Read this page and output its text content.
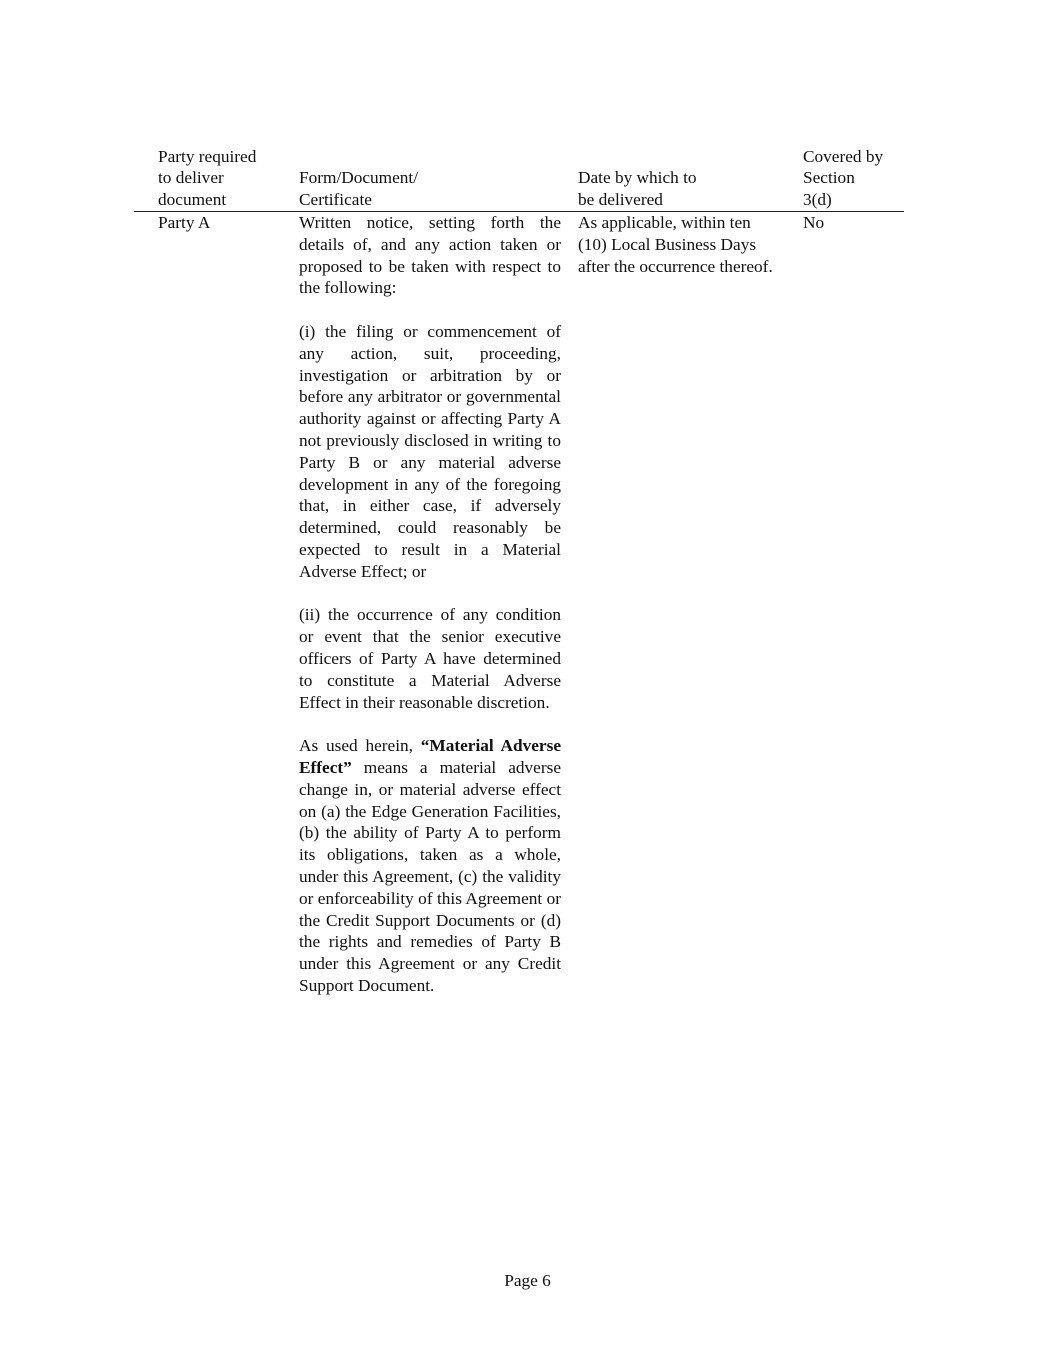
Party required
to deliver
document
Form/Document/
Certificate
Date by which to
be delivered
Covered by
Section
3(d)
Party A	Written notice, setting forth the details of, and any action taken or proposed to be taken with respect to the following:

(i) the filing or commencement of any action, suit, proceeding, investigation or arbitration by or before any arbitrator or governmental authority against or affecting Party A not previously disclosed in writing to Party B or any material adverse development in any of the foregoing that, in either case, if adversely determined, could reasonably be expected to result in a Material Adverse Effect; or

(ii) the occurrence of any condition or event that the senior executive officers of Party A have determined to constitute a Material Adverse Effect in their reasonable discretion.

As used herein, “Material Adverse Effect” means a material adverse change in, or material adverse effect on (a) the Edge Generation Facilities, (b) the ability of Party A to perform its obligations, taken as a whole, under this Agreement, (c) the validity or enforceability of this Agreement or the Credit Support Documents or (d) the rights and remedies of Party B under this Agreement or any Credit Support Document.

As applicable, within ten (10) Local Business Days after the occurrence thereof.
No
Page 6
